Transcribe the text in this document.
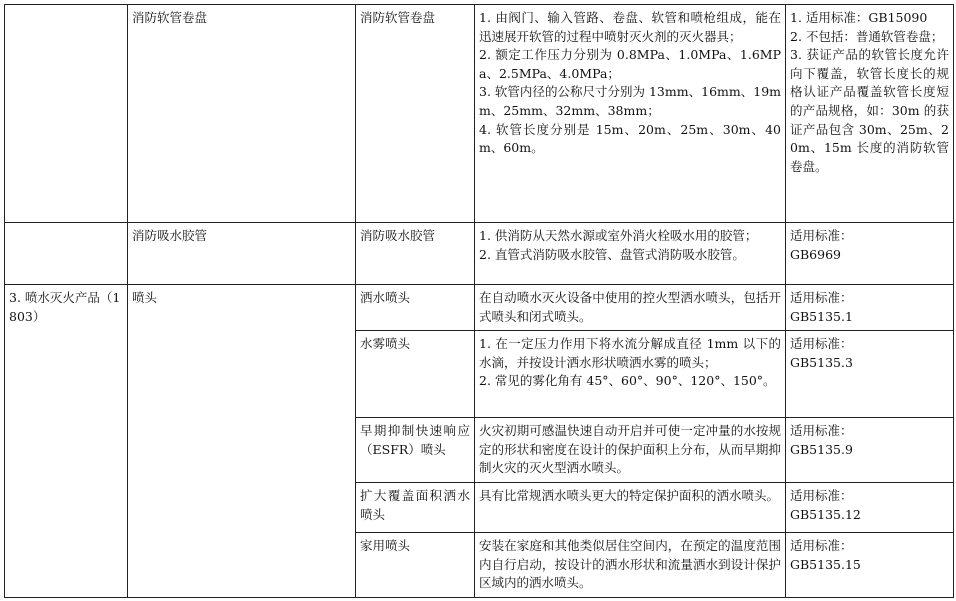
	消防软管卷盘	消防软管卷盘	1. 由阀门、输入管路、卷盘、软管和喷枪组成，能在迅速展开软管的过程中喷射灭火剂的灭火器具；
2. 额定工作压力分别为 0.8MPa、1.0MPa、1.6MPa、2.5MPa、4.0MPa；
3. 软管内径的公称尺寸分别为 13mm、16mm、19mm、25mm、32mm、38mm；
4. 软管长度分别是 15m、20m、25m、30m、40m、60m。	1. 适用标准：GB15090
2. 不包括：普通软管卷盘；
3. 获证产品的软管长度允许向下覆盖，软管长度长的规格认证产品覆盖软管长度短的产品规格，如：30m 的获证产品包含 30m、25m、20m、15m 长度的消防软管卷盘。

	消防吸水胶管	消防吸水胶管	1. 供消防从天然水源或室外消火栓吸水用的胶管；
2. 直管式消防吸水胶管、盘管式消防吸水胶管。	适用标准：
GB6969

3. 喷水灭火产品（1803）	喷头	洒水喷头	在自动喷水灭火设备中使用的控火型洒水喷头，包括开式喷头和闭式喷头。	适用标准：
GB5135.1

		水雾喷头	1. 在一定压力作用下将水流分解成直径 1mm 以下的水滴，并按设计洒水形状喷洒水雾的喷头；
2. 常见的雾化角有 45°、60°、90°、120°、150°。	适用标准：
GB5135.3

		早期抑制快速响应（ESFR）喷头	火灾初期可感温快速自动开启并可使一定冲量的水按规定的形状和密度在设计的保护面积上分布，从而早期抑制火灾的灭火型洒水喷头。	适用标准：
GB5135.9

		扩大覆盖面积洒水喷头	具有比常规洒水喷头更大的特定保护面积的洒水喷头。	适用标准：
GB5135.12

		家用喷头	安装在家庭和其他类似居住空间内，在预定的温度范围内自行启动，按设计的洒水形状和流量洒水到设计保护区域内的洒水喷头。	适用标准：
GB5135.15
